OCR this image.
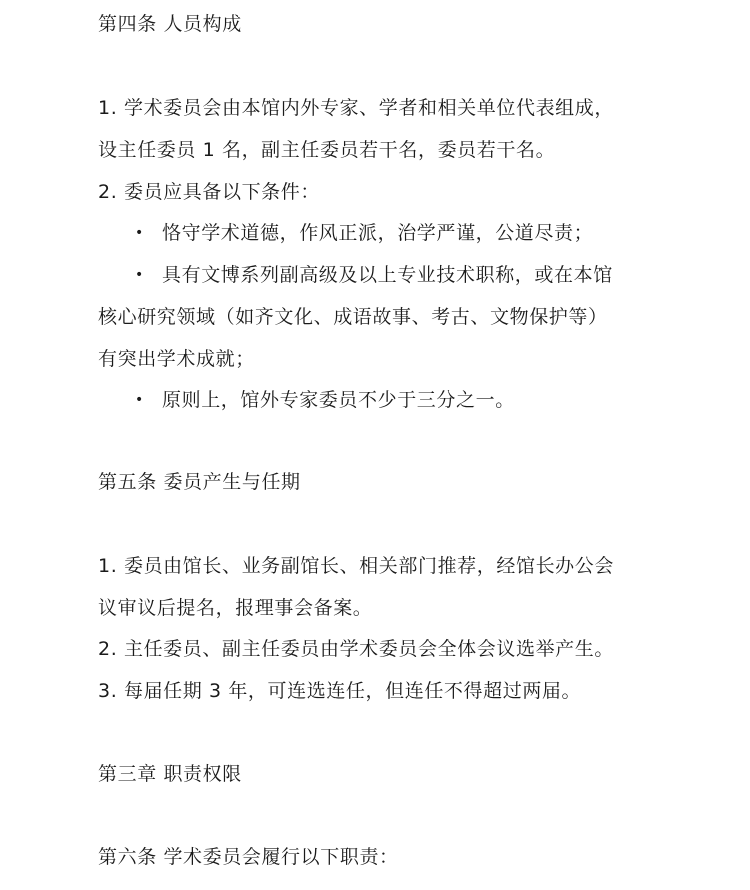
第四条 人员构成
1. 学术委员会由本馆内外专家、学者和相关单位代表组成，
设主任委员 1 名，副主任委员若干名，委员若干名。
2. 委员应具备以下条件：
• 恪守学术道德，作风正派，治学严谨，公道尽责；
• 具有文博系列副高级及以上专业技术职称，或在本馆
核心研究领域（如齐文化、成语故事、考古、文物保护等）
有突出学术成就；
• 原则上，馆外专家委员不少于三分之一。
第五条 委员产生与任期
1. 委员由馆长、业务副馆长、相关部门推荐，经馆长办公会
议审议后提名，报理事会备案。
2. 主任委员、副主任委员由学术委员会全体会议选举产生。
3. 每届任期 3 年，可连选连任，但连任不得超过两届。
第三章 职责权限
第六条 学术委员会履行以下职责：
